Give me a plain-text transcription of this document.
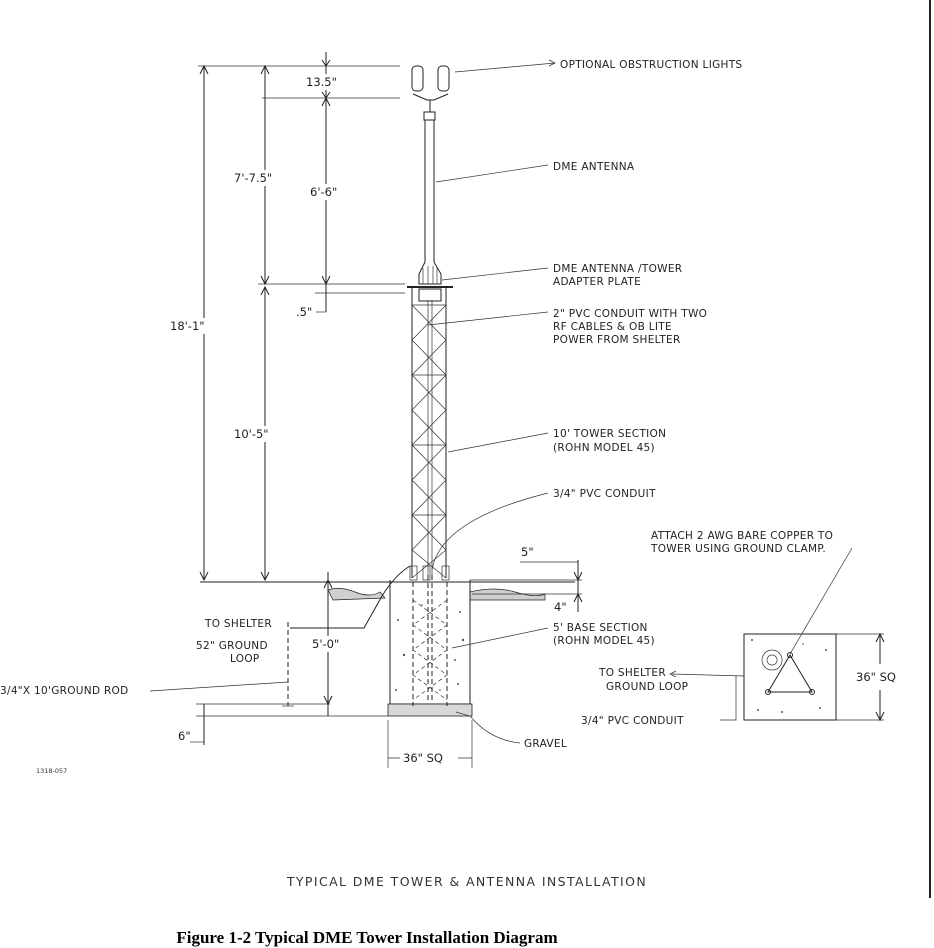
13.5"
7'-7.5"
6'-6"
18'-1"
.5"
10'-5"
5"
4"
5'-0"
6"
36" SQ
OPTIONAL OBSTRUCTION LIGHTS
DME ANTENNA
DME ANTENNA /TOWER
ADAPTER PLATE
2" PVC CONDUIT WITH TWO
RF CABLES & OB LITE
POWER FROM SHELTER
10' TOWER SECTION
(ROHN MODEL 45)
3/4" PVC CONDUIT
5' BASE SECTION
(ROHN MODEL 45)
GRAVEL
TO SHELTER
52" GROUND
LOOP
3/4"X 10'GROUND ROD
1318-057
ATTACH 2 AWG BARE COPPER TO
TOWER USING GROUND CLAMP.
TO SHELTER
GROUND LOOP
3/4" PVC CONDUIT
36" SQ
TYPICAL DME TOWER & ANTENNA INSTALLATION
Figure 1-2 Typical DME Tower Installation Diagram
